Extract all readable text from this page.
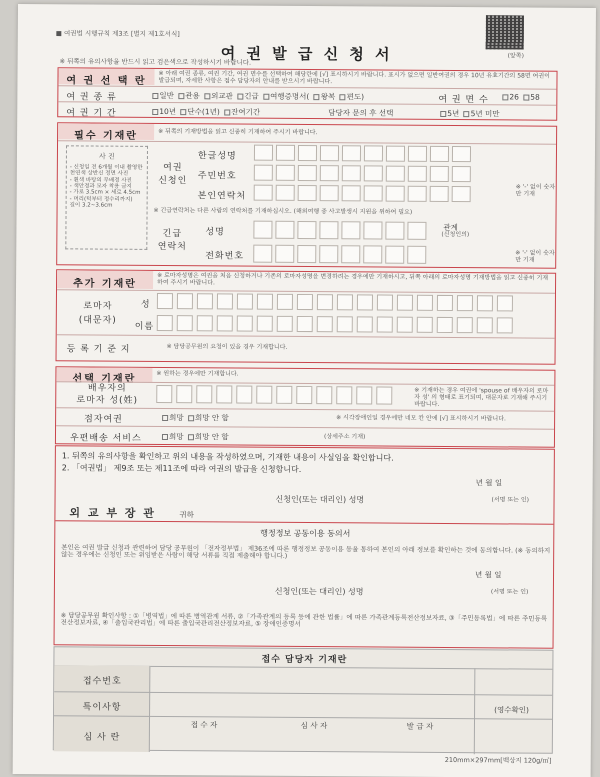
■ 여권법 시행규칙 제3조 [별지 제1호서식]
여 권 발 급 신 청 서	(앞쪽)
※ 뒤쪽의 유의사항을 반드시 읽고 검은색으로 작성하시기 바랍니다.
여 권 선 택 란
※ 아래 여권 종류, 여권 기간, 여권 면수를 선택하여 해당란에 [√] 표시하시기 바랍니다. 표시가 없으면 일반여권의 경우 10년 유효기간의 58면 여권이 발급되며, 자세한 사항은 접수 담당자의 안내를 받으시기 바랍니다.
여 권 종 류	일반 관용 외교관 긴급 여행증명서( 왕복 편도)	여 권 면 수	26 58
여 권 기 간	10년 단수(1년) 잔여기간	담당자 문의 후 선택	5년 5년 미만
필수 기재란	※ 뒤쪽의 기재방법을 읽고 신중히 기재하여 주시기 바랍니다.
사 진
- 신청일 전 6개월 이내 촬영한
천연색 상반신 정면 사진
- 흰색 바탕의 무배경 사진
- 색안경과 모자 착용 금지
- 가로 3.5cm × 세로 4.5cm
- 머리(턱부터 정수리까지)
길이 3.2~3.6cm
여권
신청인
한글성명
주민번호
본인연락처
※ '-' 없이 숫자만 기재
※ 긴급연락처는 다른 사람의 연락처를 기재하십시오. (해외여행 중 사고발생시 지원을 위하여 필요)
긴급
연락처
성명
전화번호
관계
(신청인의)
※ '-' 없이 숫자만 기재
추가 기재란
※ 로마자성명은 여권을 처음 신청하거나 기존의 로마자성명을 변경하려는 경우에만 기재하시고, 뒤쪽 아래의 로마자성명 기재방법을 읽고 신중히 기재하여 주시기 바랍니다.
로마자
(대문자)
성
이름
등 록 기 준 지	※ 담당공무원의 요청이 있을 경우 기재합니다.
선택 기재란	※ 원하는 경우에만 기재합니다.
배우자의
로마자 성(姓)
※ 기재하는 경우 여권에 'spouse of 배우자의 로마자 성' 의 형태로 표기되며, 대문자로 기재해 주시기 바랍니다.
점자여권	희망 희망 안 함	※ 시각장애인일 경우에만 네모 칸 안에 [√] 표시하시기 바랍니다.
우편배송 서비스	희망 희망 안 함	(상세주소 기재)
1. 뒤쪽의 유의사항을 확인하고 위의 내용을 작성하였으며, 기재한 내용이 사실임을 확인합니다.
2. 「여권법」 제9조 또는 제11조에 따라 여권의 발급을 신청합니다.
년 월 일
신청인(또는 대리인) 성명	(서명 또는 인)
외 교 부 장 관	귀하
행정정보 공동이용 동의서
본인은 여권 발급 신청과 관련하여 담당 공무원이 「전자정부법」 제36조에 따른 행정정보 공동이용 등을 통하여 본인의 아래 정보를 확인하는 것에 동의합니다. (※ 동의하지 않는 경우에는 신청인 또는 위임받은 사람이 해당 서류를 직접 제출해야 합니다.)
년 월 일
신청인(또는 대리인) 성명	(서명 또는 인)
※ 담당공무원 확인사항 : ①「병역법」에 따른 병역관계 서류, ②「가족관계의 등록 등에 관한 법률」에 따른 가족관계등록전산정보자료, ③「주민등록법」에 따른 주민등록전산정보자료, ④「출입국관리법」에 따른 출입국관리전산정보자료, ⑤ 장애인증명서
접수 담당자 기재란
접수번호
특이사항
심 사 란
접 수 자	심 사 자	발 급 자
(영수확인)
210mm×297mm[백상지 120g/㎡]
